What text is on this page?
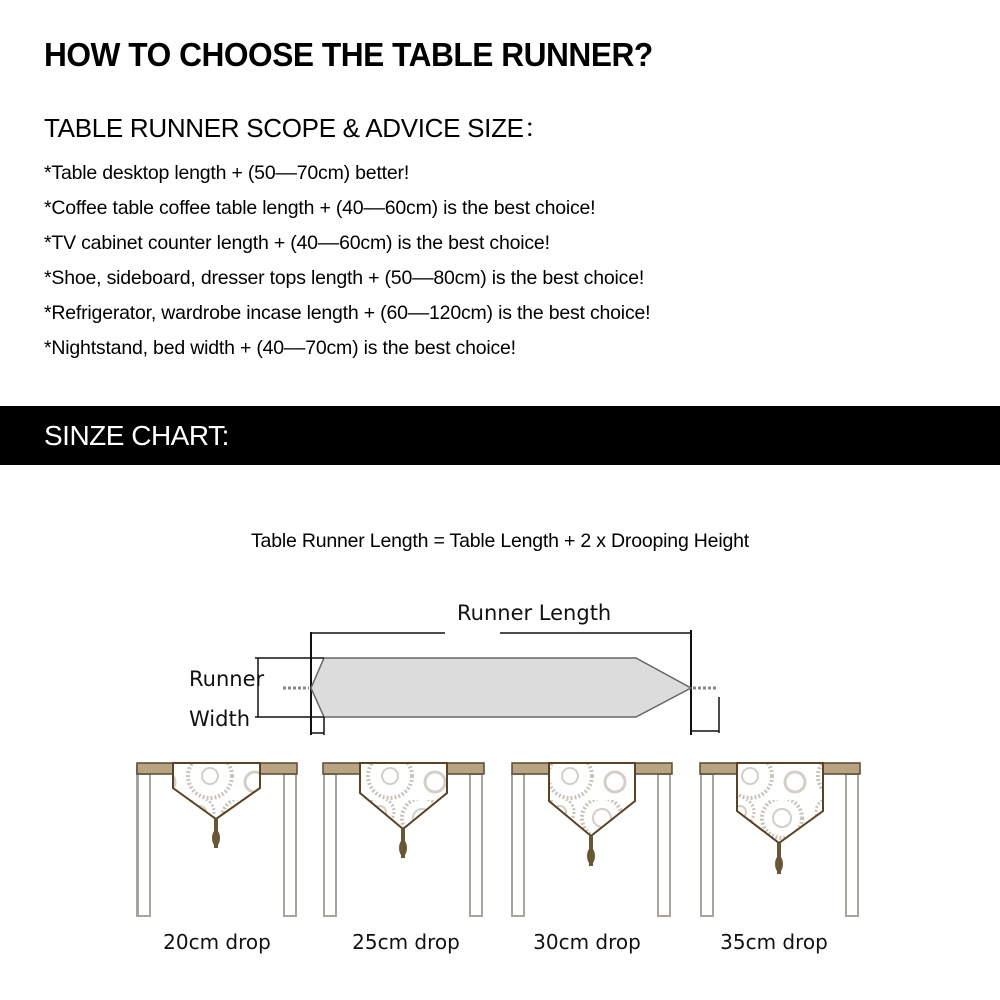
HOW TO CHOOSE THE TABLE RUNNER?
TABLE RUNNER SCOPE & ADVICE SIZE：
*Table desktop length + (50––70cm) better!
*Coffee table coffee table length + (40––60cm) is the best choice!
*TV cabinet counter length + (40––60cm) is the best choice!
*Shoe, sideboard, dresser tops length + (50––80cm) is the best choice!
*Refrigerator, wardrobe incase length + (60––120cm) is the best choice!
*Nightstand, bed width + (40––70cm) is the best choice!
SINZE CHART:
Table Runner Length = Table Length + 2 x Drooping Height
Runner Length
Runner
Width
20cm drop	25cm drop	30cm drop	35cm drop
